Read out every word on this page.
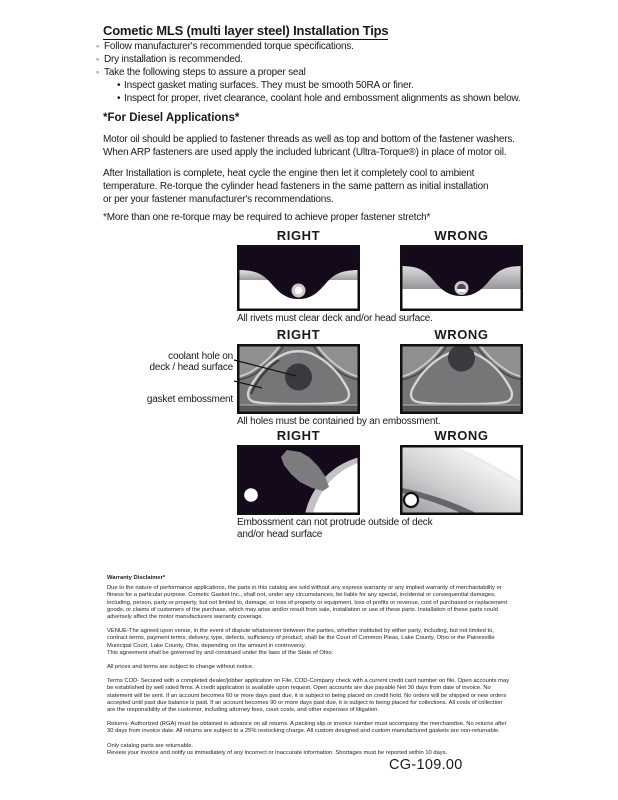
Cometic MLS (multi layer steel) Installation Tips
◦ Follow manufacturer's recommended torque specifications.
◦ Dry installation is recommended.
◦ Take the following steps to assure a proper seal
• Inspect gasket mating surfaces. They must be smooth 50RA or finer.
• Inspect for proper, rivet clearance, coolant hole and embossment alignments as shown below.
*For Diesel Applications*
Motor oil should be applied to fastener threads as well as top and bottom of the fastener washers.
When ARP fasteners are used apply the included lubricant (Ultra-Torque®) in place of motor oil.
After Installation is complete, heat cycle the engine then let it completely cool to ambient
temperature. Re-torque the cylinder head fasteners in the same pattern as initial installation
or per your fastener manufacturer's recommendations.
*More than one re-torque may be required to achieve proper fastener stretch*
RIGHT	WRONG
All rivets must clear deck and/or head surface.
RIGHT	WRONG
All holes must be contained by an embossment.

coolant hole on
deck / head surface

gasket embossment

RIGHT	WRONG
Embossment can not protrude outside of deck
and/or head surface
Warranty Disclaimer*

Due to the nature of performance applications, the parts in this catalog are sold without any express warranty or any implied warranty of merchantability or
fitness for a particular purpose. Cometic Gasket Inc., shall not, under any circumstances, be liable for any special, incidental or consequential damages,
including, person, party or property, but not limited to, damage, or loss of property or equipment, loss of profits or revenue, cost of purchased or replacement
goods, or claims of customers of the purchase, which may arise and/or result from sale, installation or use of these parts. Installation of these parts could
adversely affect the motor manufacturers warranty coverage.

VENUE-The agreed upon venue, in the event of dispute whatsoever between the parties, whether instituted by either party, including, but not limited to,
contract terms, payment terms, delivery, type, defects, sufficiency of product, shall be the Court of Common Pleas, Lake County, Ohio or the Painesville
Municipal Court, Lake County, Ohio, depending on the amount in controversy.
This agreement shall be governed by and construed under the laws of the State of Ohio.

All prices and terms are subject to change without notice.

Terms COD- Secured with a completed dealer/jobber application on File, COD-Company check with a current credit card number on file. Open accounts may
be established by well rated firms. A credit application is available upon request. Open accounts are due payable Net 30 days from date of invoice. No
statement will be sent. If an account becomes 60 or more days past due, it is subject to being placed on credit hold. No orders will be shipped or new orders
accepted until past due balance is paid. If an account becomes 90 or more days past due, it is subject to being placed for collections. All costs of collection
are the responsibility of the customer, including attorney fees, court costs, and other expenses of litigation.

Returns- Authorized (RGA) must be obtained in advance on all returns. A packing slip or invoice number must accompany the merchandise. No returns after
30 days from invoice date. All returns are subject to a 25% restocking charge. All custom designed and custom manufactured gaskets are non-returnable.

Only catalog parts are returnable.
Review your invoice and notify us immediately of any incorrect or inaccurate information. Shortages must be reported within 10 days.

CG-109.00
